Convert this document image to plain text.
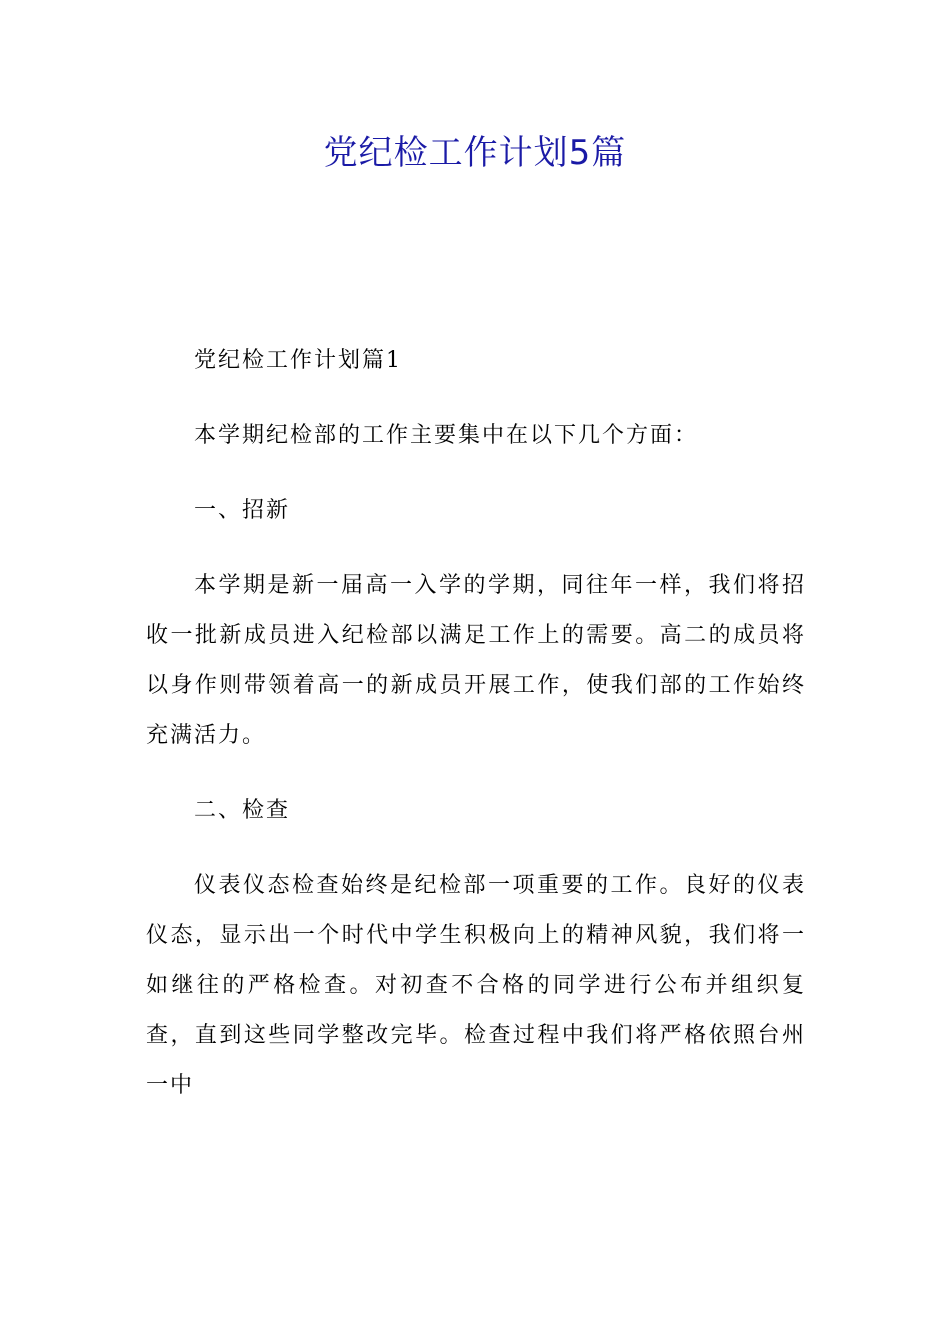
党纪检工作计划5篇

党纪检工作计划篇1

本学期纪检部的工作主要集中在以下几个方面：

一、招新

本学期是新一届高一入学的学期，同往年一样，我们将招收一批新成员进入纪检部以满足工作上的需要。高二的成员将以身作则带领着高一的新成员开展工作，使我们部的工作始终充满活力。

二、检查

仪表仪态检查始终是纪检部一项重要的工作。良好的仪表仪态，显示出一个时代中学生积极向上的精神风貌，我们将一如继往的严格检查。对初查不合格的同学进行公布并组织复查，直到这些同学整改完毕。检查过程中我们将严格依照台州一中
